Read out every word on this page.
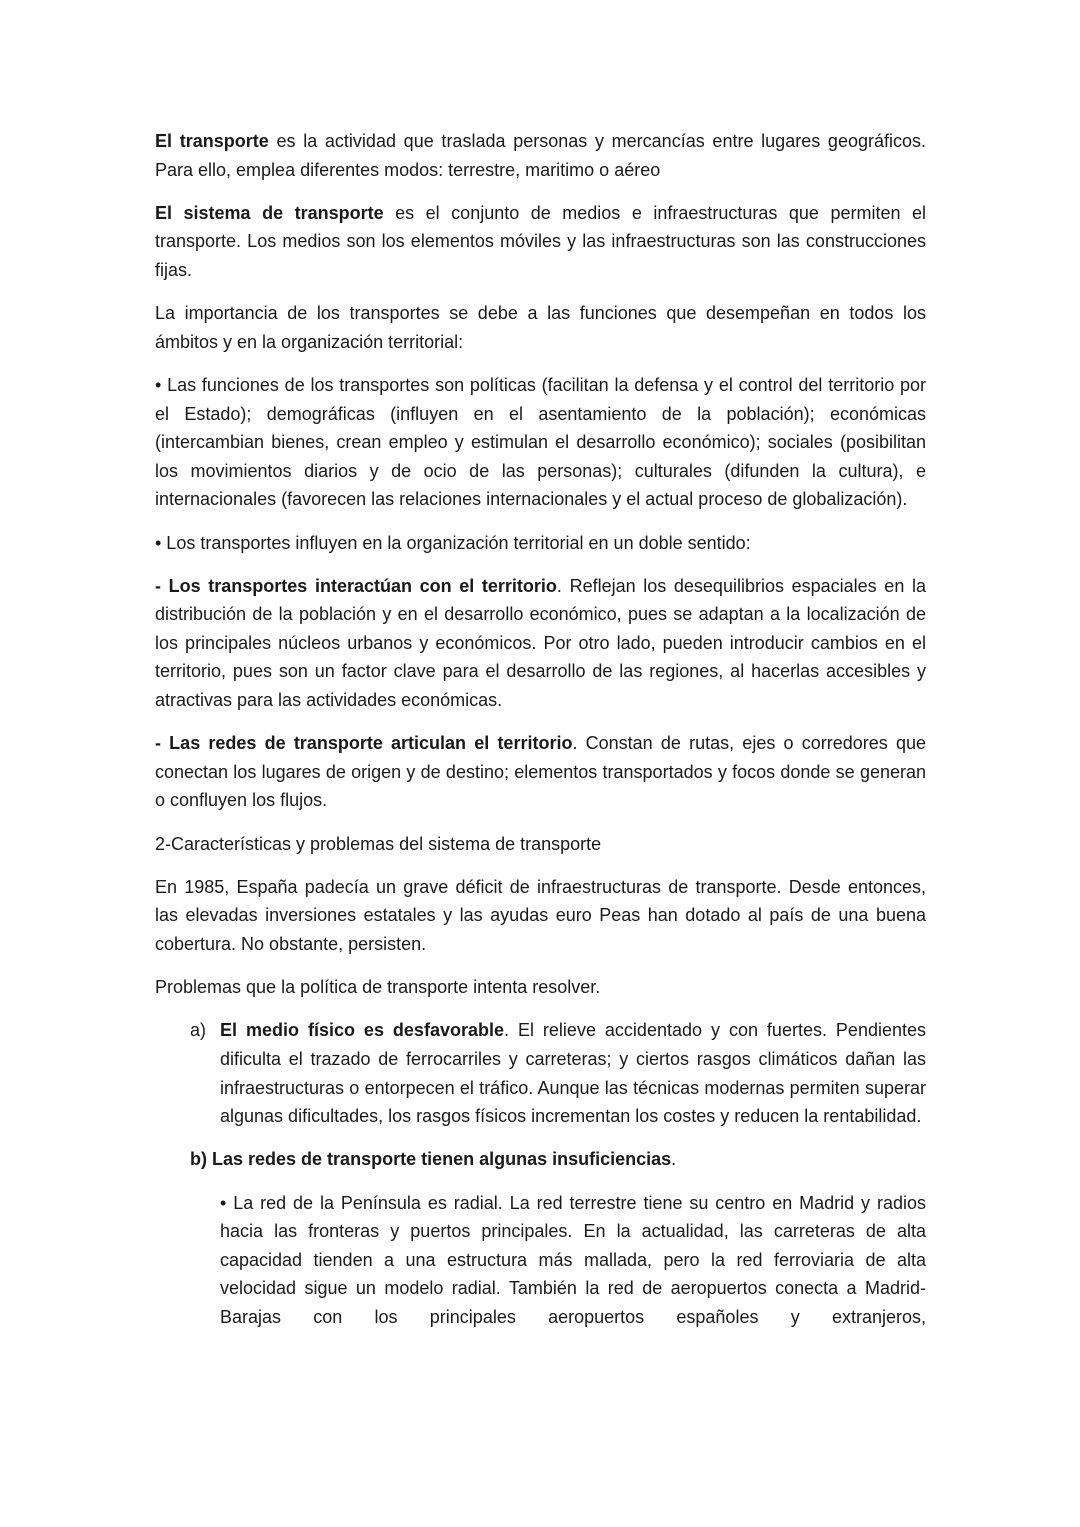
El transporte es la actividad que traslada personas y mercancías entre lugares geográficos. Para ello, emplea diferentes modos: terrestre, maritimo o aéreo

El sistema de transporte es el conjunto de medios e infraestructuras que permiten el transporte. Los medios son los elementos móviles y las infraestructuras son las construcciones fijas.

La importancia de los transportes se debe a las funciones que desempeñan en todos los ámbitos y en la organización territorial:

• Las funciones de los transportes son políticas (facilitan la defensa y el control del territorio por el Estado); demográficas (influyen en el asentamiento de la población); económicas (intercambian bienes, crean empleo y estimulan el desarrollo económico); sociales (posibilitan los movimientos diarios y de ocio de las personas); culturales (difunden la cultura), e internacionales (favorecen las relaciones internacionales y el actual proceso de globalización).

• Los transportes influyen en la organización territorial en un doble sentido:

- Los transportes interactúan con el territorio. Reflejan los desequilibrios espaciales en la distribución de la población y en el desarrollo económico, pues se adaptan a la localización de los principales núcleos urbanos y económicos. Por otro lado, pueden introducir cambios en el territorio, pues son un factor clave para el desarrollo de las regiones, al hacerlas accesibles y atractivas para las actividades económicas.

- Las redes de transporte articulan el territorio. Constan de rutas, ejes o corredores que conectan los lugares de origen y de destino; elementos transportados y focos donde se generan o confluyen los flujos.

2-Características y problemas del sistema de transporte

En 1985, España padecía un grave déficit de infraestructuras de transporte. Desde entonces, las elevadas inversiones estatales y las ayudas euro Peas han dotado al país de una buena cobertura. No obstante, persisten.

Problemas que la política de transporte intenta resolver.

a) El medio físico es desfavorable. El relieve accidentado y con fuertes. Pendientes dificulta el trazado de ferrocarriles y carreteras; y ciertos rasgos climáticos dañan las infraestructuras o entorpecen el tráfico. Aunque las técnicas modernas permiten superar algunas dificultades, los rasgos físicos incrementan los costes y reducen la rentabilidad.
b) Las redes de transporte tienen algunas insuficiencias.

• La red de la Península es radial. La red terrestre tiene su centro en Madrid y radios hacia las fronteras y puertos principales. En la actualidad, las carreteras de alta capacidad tienden a una estructura más mallada, pero la red ferroviaria de alta velocidad sigue un modelo radial. También la red de aeropuertos conecta a Madrid-Barajas con los principales aeropuertos españoles y extranjeros,
